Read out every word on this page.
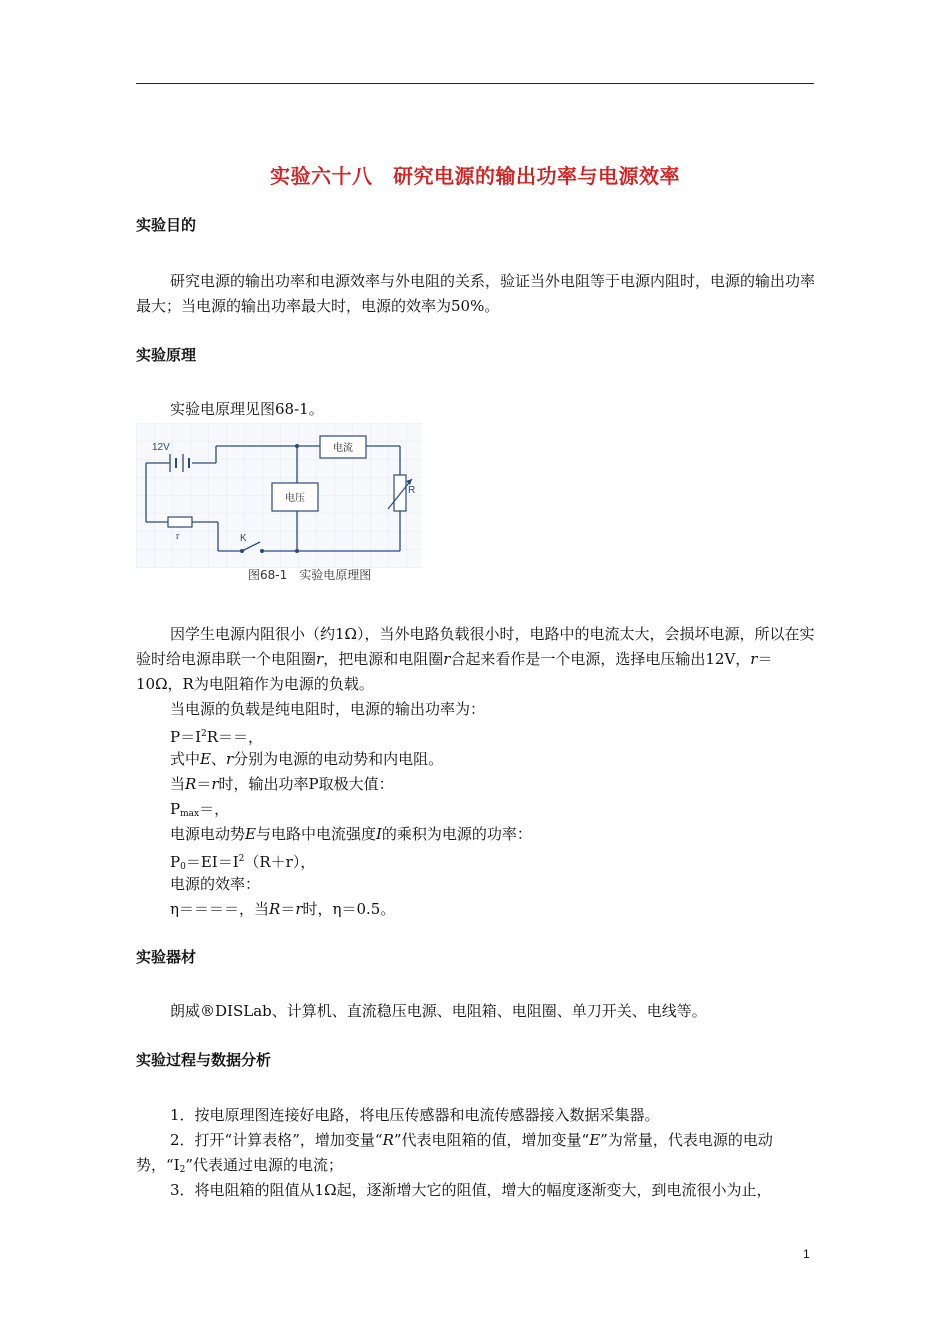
实验六十八　研究电源的输出功率与电源效率
实验目的
研究电源的输出功率和电源效率与外电阻的关系，验证当外电阻等于电源内阻时，电源的输出功率最大；当电源的输出功率最大时，电源的效率为50%。
实验原理
实验电原理见图68-1。
12V	电流
电压
R
r	K
图68-1　实验电原理图
因学生电源内阻很小（约1Ω），当外电路负载很小时，电路中的电流太大，会损坏电源，所以在实验时给电源串联一个电阻圈r，把电源和电阻圈r合起来看作是一个电源，选择电压输出12V，r＝10Ω，R为电阻箱作为电源的负载。
当电源的负载是纯电阻时，电源的输出功率为：
$P=I^2R==$，
式中E、r分别为电源的电动势和内电阻。
当R＝r时，输出功率P取极大值：
$P_{max}=$，
电源电动势E与电路中电流强度I的乘积为电源的功率：
$P_0=EI=I^2(R+r)$，
电源的效率：
η＝＝＝＝，当R＝r时，η＝0.5。
实验器材
朗威®DISLab、计算机、直流稳压电源、电阻箱、电阻圈、单刀开关、电线等。
实验过程与数据分析
1．按电原理图连接好电路，将电压传感器和电流传感器接入数据采集器。
2．打开“计算表格”，增加变量“R”代表电阻箱的值，增加变量“E”为常量，代表电源的电动势，“$I_2$”代表通过电源的电流；
3．将电阻箱的阻值从1Ω起，逐渐增大它的阻值，增大的幅度逐渐变大，到电流很小为止，
1
